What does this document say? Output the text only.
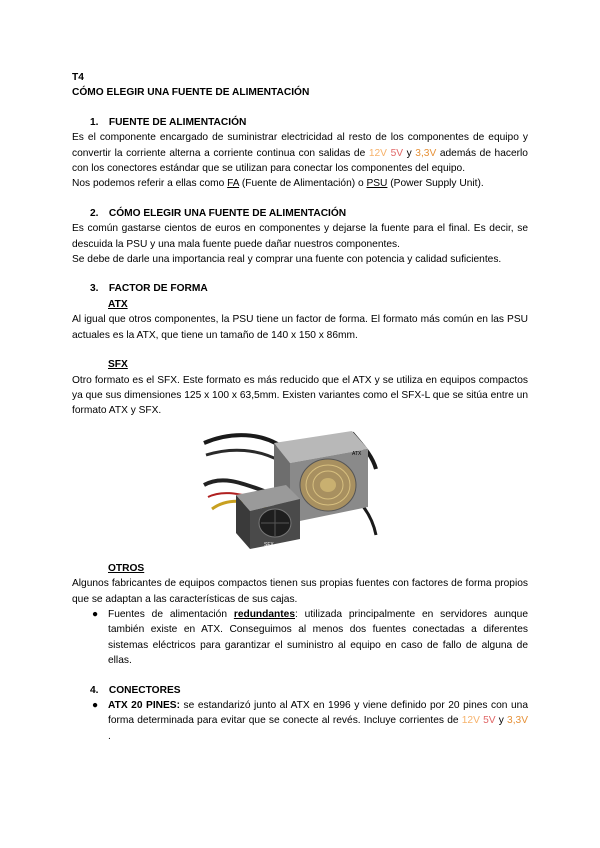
T4
CÓMO ELEGIR UNA FUENTE DE ALIMENTACIÓN
1. FUENTE DE ALIMENTACIÓN

Es el componente encargado de suministrar electricidad al resto de los componentes de equipo y convertir la corriente alterna a corriente continua con salidas de 12V 5V y 3,3V además de hacerlo con los conectores estándar que se utilizan para conectar los componentes del equipo.

Nos podemos referir a ellas como FA (Fuente de Alimentación) o PSU (Power Supply Unit).

2. CÓMO ELEGIR UNA FUENTE DE ALIMENTACIÓN

Es común gastarse cientos de euros en componentes y dejarse la fuente para el final. Es decir, se descuida la PSU y una mala fuente puede dañar nuestros componentes.

Se debe de darle una importancia real y comprar una fuente con potencia y calidad suficientes.

3. FACTOR DE FORMA
ATX

Al igual que otros componentes, la PSU tiene un factor de forma. El formato más común en las PSU actuales es la ATX, que tiene un tamaño de 140 x 150 x 86mm.

SFX

Otro formato es el SFX. Este formato es más reducido que el ATX y se utiliza en equipos compactos ya que sus dimensiones 125 x 100 x 63,5mm. Existen variantes como el SFX-L que se sitúa entre un formato ATX y SFX.

ATX
SFX
OTROS

Algunos fabricantes de equipos compactos tienen sus propias fuentes con factores de forma propios que se adaptan a las características de sus cajas.

● Fuentes de alimentación redundantes: utilizada principalmente en servidores aunque también existe en ATX. Conseguimos al menos dos fuentes conectadas a diferentes sistemas eléctricos para garantizar el suministro al equipo en caso de fallo de alguna de ellas.
4. CONECTORES
● ATX 20 PINES: se estandarizó junto al ATX en 1996 y viene definido por 20 pines con una forma determinada para evitar que se conecte al revés. Incluye corrientes de 12V 5V y 3,3V .
